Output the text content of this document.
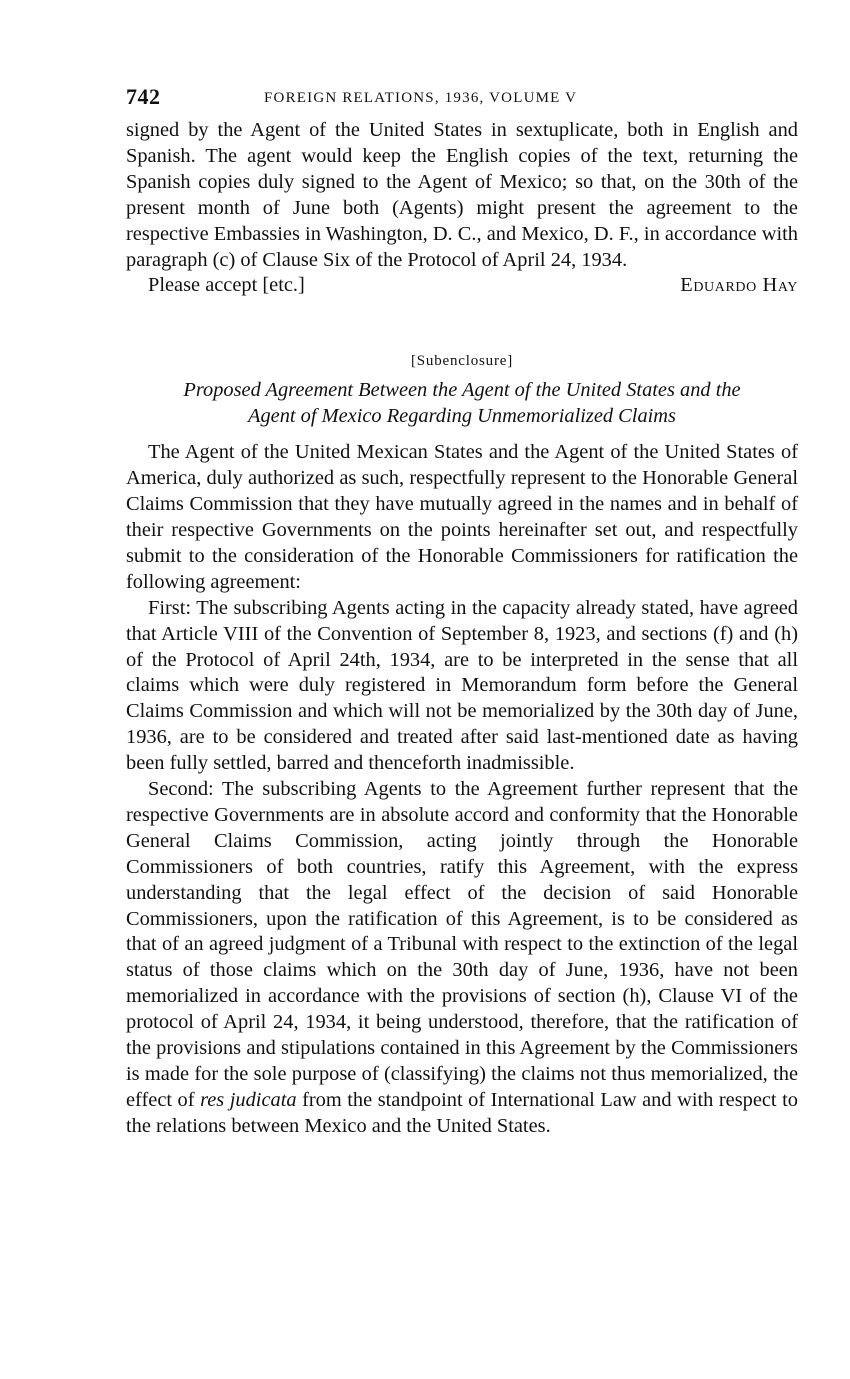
742	FOREIGN RELATIONS, 1936, VOLUME V

signed by the Agent of the United States in sextuplicate, both in English and Spanish. The agent would keep the English copies of the text, returning the Spanish copies duly signed to the Agent of Mexico; so that, on the 30th of the present month of June both (Agents) might present the agreement to the respective Embassies in Washington, D. C., and Mexico, D. F., in accordance with paragraph (c) of Clause Six of the Protocol of April 24, 1934.

Please accept [etc.]	Eduardo Hay
[Subenclosure]
Proposed Agreement Between the Agent of the United States and the
Agent of Mexico Regarding Unmemorialized Claims

The Agent of the United Mexican States and the Agent of the United States of America, duly authorized as such, respectfully represent to the Honorable General Claims Commission that they have mutually agreed in the names and in behalf of their respective Governments on the points hereinafter set out, and respectfully submit to the consideration of the Honorable Commissioners for ratification the following agreement:

First: The subscribing Agents acting in the capacity already stated, have agreed that Article VIII of the Convention of September 8, 1923, and sections (f) and (h) of the Protocol of April 24th, 1934, are to be interpreted in the sense that all claims which were duly registered in Memorandum form before the General Claims Commission and which will not be memorialized by the 30th day of June, 1936, are to be considered and treated after said last-mentioned date as having been fully settled, barred and thenceforth inadmissible.

Second: The subscribing Agents to the Agreement further represent that the respective Governments are in absolute accord and conformity that the Honorable General Claims Commission, acting jointly through the Honorable Commissioners of both countries, ratify this Agreement, with the express understanding that the legal effect of the decision of said Honorable Commissioners, upon the ratification of this Agreement, is to be considered as that of an agreed judgment of a Tribunal with respect to the extinction of the legal status of those claims which on the 30th day of June, 1936, have not been memorialized in accordance with the provisions of section (h), Clause VI of the protocol of April 24, 1934, it being understood, therefore, that the ratification of the provisions and stipulations contained in this Agreement by the Commissioners is made for the sole purpose of (classifying) the claims not thus memorialized, the effect of res judicata from the standpoint of International Law and with respect to the relations between Mexico and the United States.
